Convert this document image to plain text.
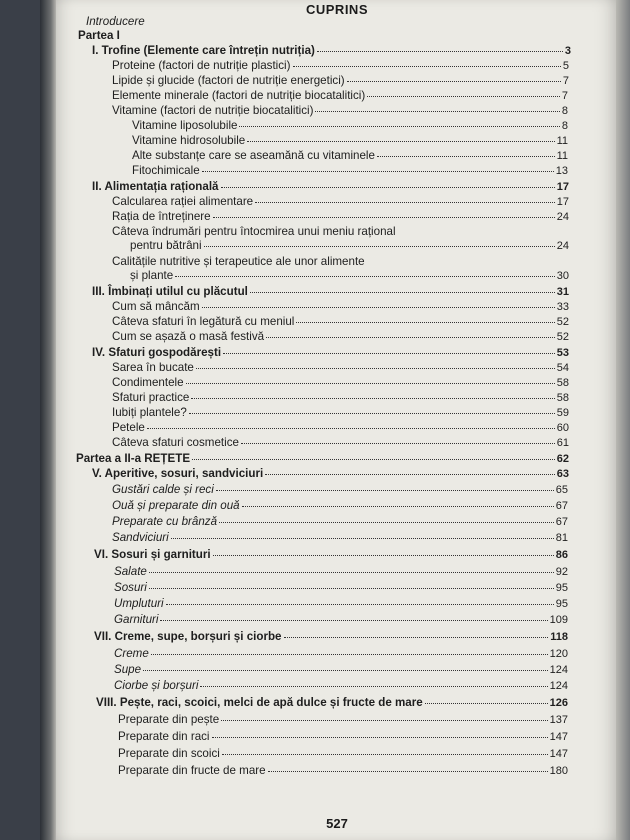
CUPRINS
Introducere
Partea I
I. Trofine (Elemente care întrețin nutriția)	3
Proteine (factori de nutriție plastici)	5
Lipide și glucide (factori de nutriție energetici)	7
Elemente minerale (factori de nutriție biocatalitici)	7
Vitamine (factori de nutriție biocatalitici)	8
Vitamine liposolubile	8
Vitamine hidrosolubile	11
Alte substanțe care se aseamănă cu vitaminele	11
Fitochimicale	13
II. Alimentația rațională	17
Calcularea rației alimentare	17
Rația de întreținere	24
Câteva îndrumări pentru întocmirea unui meniu rațional
pentru bătrâni	24
Calitățile nutritive și terapeutice ale unor alimente
și plante	30
III. Îmbinați utilul cu plăcutul	31
Cum să mâncăm	33
Câteva sfaturi în legătură cu meniul	52
Cum se așază o masă festivă	52
IV. Sfaturi gospodărești	53
Sarea în bucate	54
Condimentele	58
Sfaturi practice	58
Iubiți plantele?	59
Petele	60
Câteva sfaturi cosmetice	61
Partea a II-a REȚETE	62
V. Aperitive, sosuri, sandviciuri	63
Gustări calde și reci	65
Ouă și preparate din ouă	67
Preparate cu brânză	67
Sandviciuri	81
VI. Sosuri și garnituri	86
Salate	92
Sosuri	95
Umpluturi	95
Garnituri	109
VII. Creme, supe, borșuri și ciorbe	118
Creme	120
Supe	124
Ciorbe și borșuri	124
VIII. Pește, raci, scoici, melci de apă dulce și fructe de mare	126
Preparate din pește	137
Preparate din raci	147
Preparate din scoici	147
Preparate din fructe de mare	180
527
